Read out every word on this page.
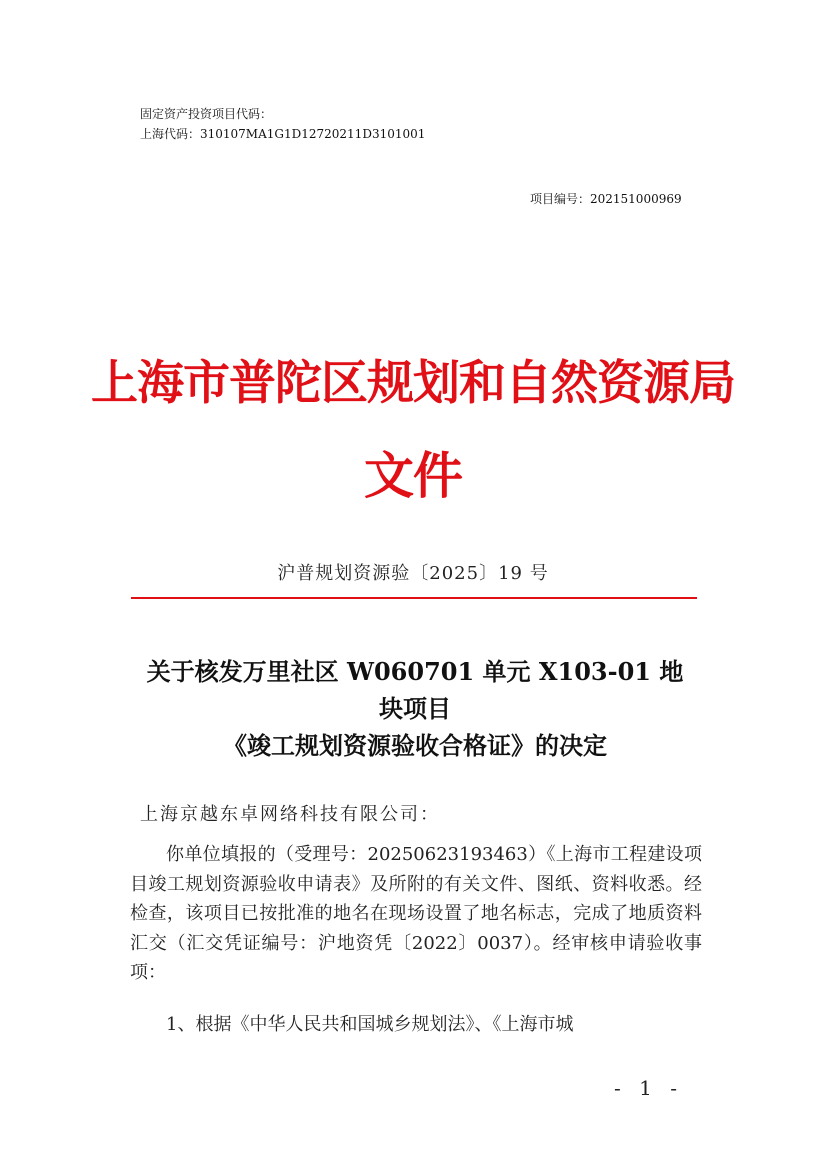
固定资产投资项目代码：
上海代码：310107MA1G1D12720211D3101001
项目编号：202151000969
上海市普陀区规划和自然资源局
文件
沪普规划资源验〔2025〕19 号
关于核发万里社区 W060701 单元 X103-01 地
块项目
《竣工规划资源验收合格证》的决定
上海京越东卓网络科技有限公司：
你单位填报的（受理号：20250623193463）《上海市工程建设项目竣工规划资源验收申请表》及所附的有关文件、图纸、资料收悉。经检查，该项目已按批准的地名在现场设置了地名标志，完成了地质资料汇交（汇交凭证编号：沪地资凭〔2022〕0037）。经审核申请验收事项：
1、根据《中华人民共和国城乡规划法》、《上海市城
- 1 -
